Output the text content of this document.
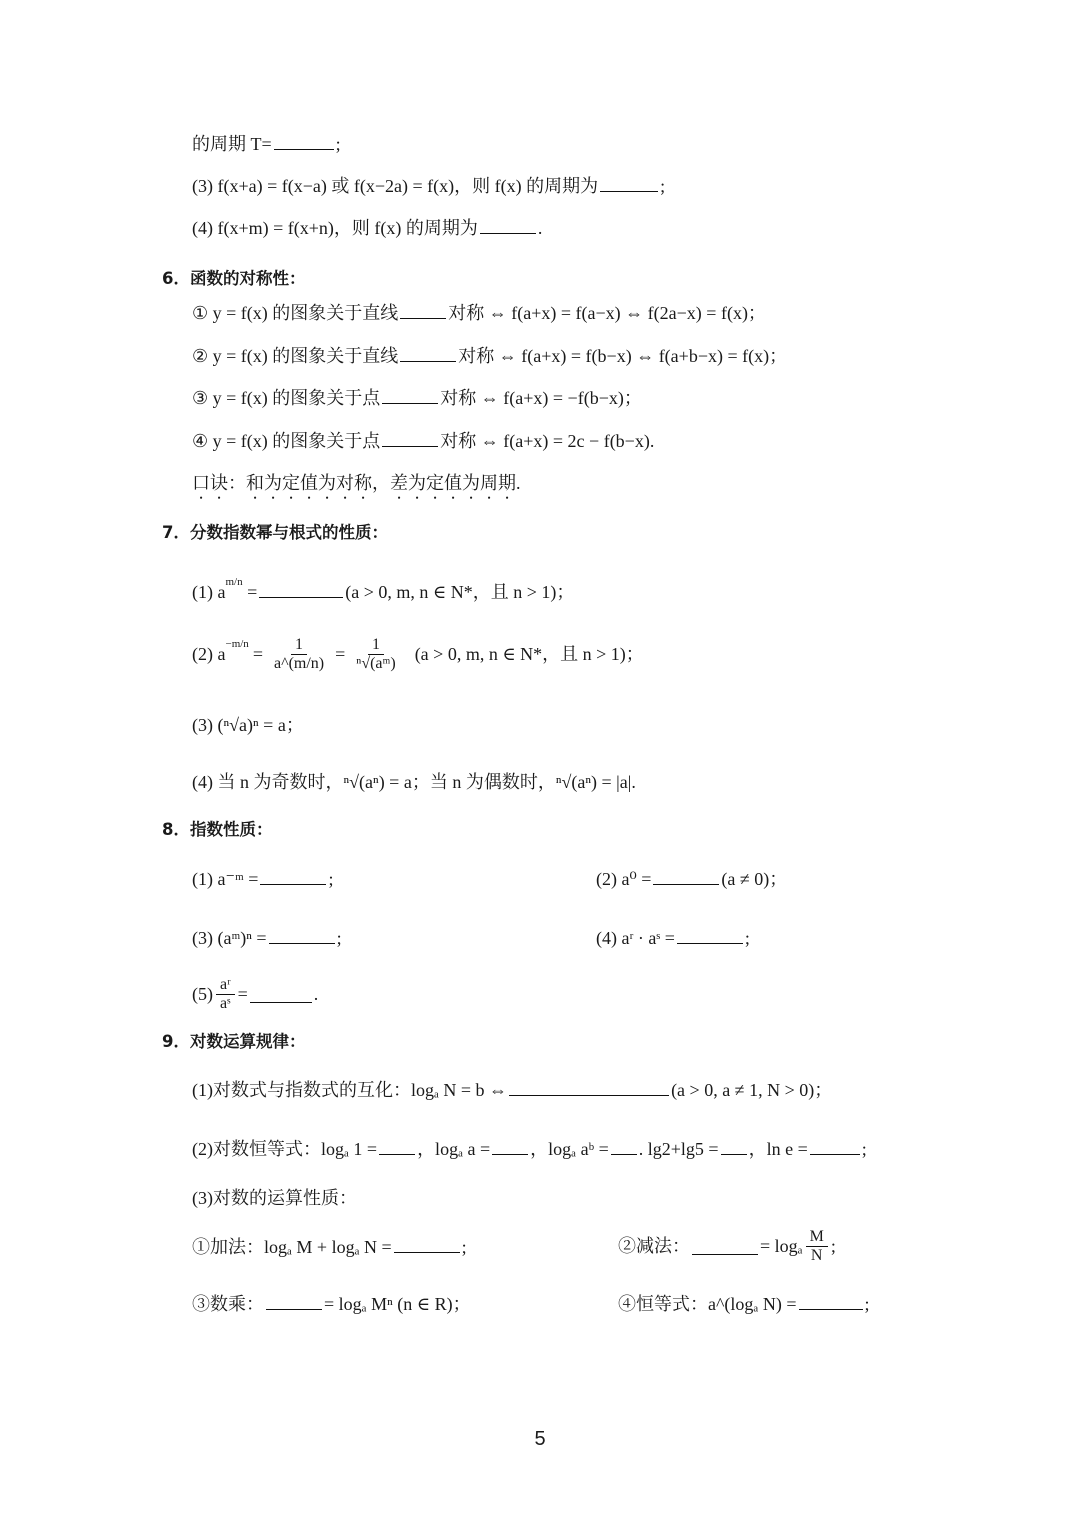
的周期 T=	;
(3) f(x+a) = f(x−a) 或 f(x−2a) = f(x)，则 f(x) 的周期为	;
(4) f(x+m) = f(x+n)，则 f(x) 的周期为	.
6．函数的对称性：
① y = f(x) 的图象关于直线	对称 ⇔ f(a+x) = f(a−x) ⇔ f(2a−x) = f(x)；
② y = f(x) 的图象关于直线	对称 ⇔ f(a+x) = f(b−x) ⇔ f(a+b−x) = f(x)；
③ y = f(x) 的图象关于点	对称 ⇔ f(a+x) = −f(b−x)；
④ y = f(x) 的图象关于点	对称 ⇔ f(a+x) = 2c − f(b−x).
口诀：和为定值为对称，差为定值为周期.
7．分数指数幂与根式的性质：
(1) $a^{m/n}$ =	(a > 0, m, n ∈ N*，且 n > 1)；
(2) $a^{-m/n} = \frac{1}{a\^{}(m/n)} = \frac{1}{\text{ⁿ√(aᵐ)}} (a > 0$, m, n ∈ N*，且 n > 1)；
(3) (ⁿ√a)ⁿ = a；
(4) 当 n 为奇数时，ⁿ√(aⁿ) = a；当 n 为偶数时，ⁿ√(aⁿ) = |a|.
8．指数性质：
(1) a⁻ᵐ =	;	(2) a⁰ =	(a ≠ 0)；
(3) (aᵐ)ⁿ =	;	(4) aʳ · aˢ =	;
$(5) \frac{\text{aʳ}}{\text{aˢ}}$ =	.
9．对数运算规律：
(1)对数式与指数式的互化：logₐ N = b ⇔	(a > 0, a ≠ 1, N > 0)；
(2)对数恒等式：logₐ 1 = ，logₐ a = ，logₐ aᵇ = . lg2+lg5 = ，ln e =	;
(3)对数的运算性质：
①加法：logₐ M + logₐ N =	;	②减法：	= logₐ $\frac{M}{N}$ ;
③数乘：	= logₐ Mⁿ (n ∈ R)；	④恒等式：a^(logₐ N) =	;
5
